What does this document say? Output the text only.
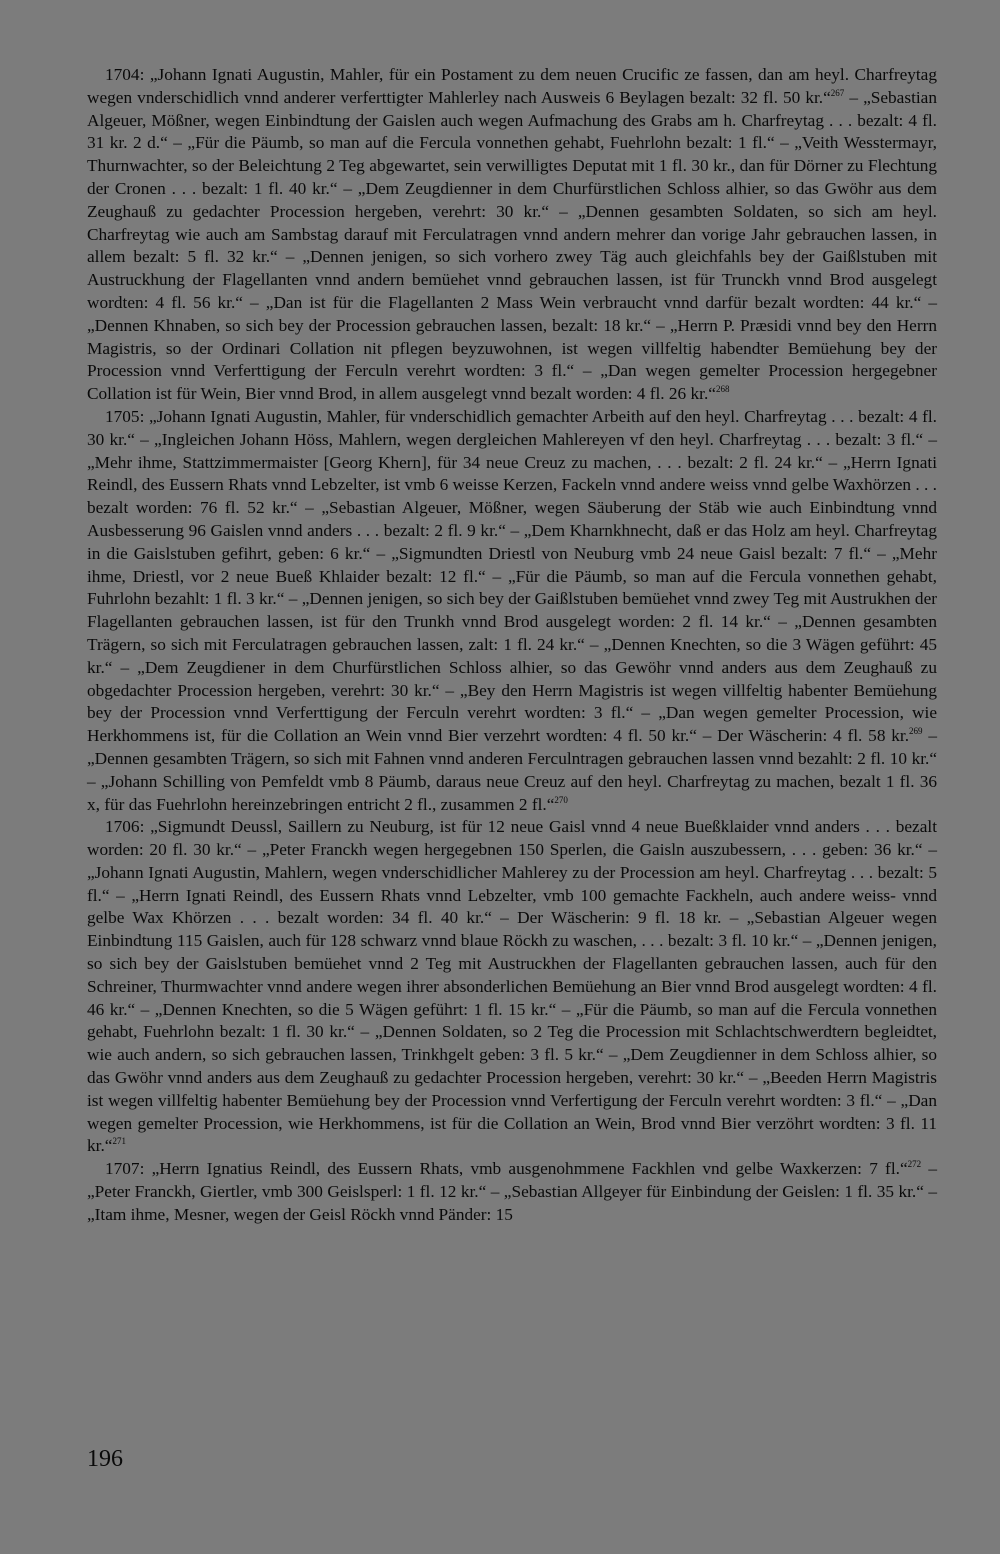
1704: „Johann Ignati Augustin, Mahler, für ein Postament zu dem neuen Crucific ze fassen, dan am heyl. Charfreytag wegen vnderschidlich vnnd anderer verferttigter Mahlerley nach Ausweis 6 Beylagen bezalt: 32 fl. 50 kr.“$^{267}$ – „Sebastian Algeuer, Mößner, wegen Einbindtung der Gaislen auch wegen Aufmachung des Grabs am h. Charfreytag . . . bezalt: 4 fl. 31 kr. 2 d.“ – „Für die Päumb, so man auf die Fercula vonnethen gehabt, Fuehrlohn bezalt: 1 fl.“ – „Veith Wesstermayr, Thurnwachter, so der Beleichtung 2 Teg abgewartet, sein verwilligtes Deputat mit 1 fl. 30 kr., dan für Dörner zu Flechtung der Cronen . . . bezalt: 1 fl. 40 kr.“ – „Dem Zeugdienner in dem Churfürstlichen Schloss alhier, so das Gwöhr aus dem Zeughauß zu gedachter Procession hergeben, verehrt: 30 kr.“ – „Dennen gesambten Soldaten, so sich am heyl. Charfreytag wie auch am Sambstag darauf mit Ferculatragen vnnd andern mehrer dan vorige Jahr gebrauchen lassen, in allem bezalt: 5 fl. 32 kr.“ – „Dennen jenigen, so sich vorhero zwey Täg auch gleichfahls bey der Gaißlstuben mit Austruckhung der Flagellanten vnnd andern bemüehet vnnd gebrauchen lassen, ist für Trunckh vnnd Brod ausgelegt wordten: 4 fl. 56 kr.“ – „Dan ist für die Flagellanten 2 Mass Wein verbraucht vnnd darfür bezalt wordten: 44 kr.“ – „Dennen Khnaben, so sich bey der Procession gebrauchen lassen, bezalt: 18 kr.“ – „Herrn P. Præsidi vnnd bey den Herrn Magistris, so der Ordinari Collation nit pflegen beyzuwohnen, ist wegen villfeltig habendter Bemüehung bey der Procession vnnd Verferttigung der Ferculn verehrt wordten: 3 fl.“ – „Dan wegen gemelter Procession hergegebner Collation ist für Wein, Bier vnnd Brod, in allem ausgelegt vnnd bezalt worden: 4 fl. 26 kr.“$^{268}$

1705: „Johann Ignati Augustin, Mahler, für vnderschidlich gemachter Arbeith auf den heyl. Charfreytag . . . bezalt: 4 fl. 30 kr.“ – „Ingleichen Johann Höss, Mahlern, wegen dergleichen Mahlereyen vf den heyl. Charfreytag . . . bezalt: 3 fl.“ – „Mehr ihme, Stattzimmermaister [Georg Khern], für 34 neue Creuz zu machen, . . . bezalt: 2 fl. 24 kr.“ – „Herrn Ignati Reindl, des Eussern Rhats vnnd Lebzelter, ist vmb 6 weisse Kerzen, Fackeln vnnd andere weiss vnnd gelbe Waxhörzen . . . bezalt worden: 76 fl. 52 kr.“ – „Sebastian Algeuer, Mößner, wegen Säuberung der Stäb wie auch Einbindtung vnnd Ausbesserung 96 Gaislen vnnd anders . . . bezalt: 2 fl. 9 kr.“ – „Dem Kharnkhnecht, daß er das Holz am heyl. Charfreytag in die Gaislstuben gefihrt, geben: 6 kr.“ – „Sigmundten Driestl von Neuburg vmb 24 neue Gaisl bezalt: 7 fl.“ – „Mehr ihme, Driestl, vor 2 neue Bueß Khlaider bezalt: 12 fl.“ – „Für die Päumb, so man auf die Fercula vonnethen gehabt, Fuhrlohn bezahlt: 1 fl. 3 kr.“ – „Dennen jenigen, so sich bey der Gaißlstuben bemüehet vnnd zwey Teg mit Austrukhen der Flagellanten gebrauchen lassen, ist für den Trunkh vnnd Brod ausgelegt worden: 2 fl. 14 kr.“ – „Dennen gesambten Trägern, so sich mit Ferculatragen gebrauchen lassen, zalt: 1 fl. 24 kr.“ – „Dennen Knechten, so die 3 Wägen geführt: 45 kr.“ – „Dem Zeugdiener in dem Churfürstlichen Schloss alhier, so das Gewöhr vnnd anders aus dem Zeughauß zu obgedachter Procession hergeben, verehrt: 30 kr.“ – „Bey den Herrn Magistris ist wegen villfeltig habenter Bemüehung bey der Procession vnnd Verferttigung der Ferculn verehrt wordten: 3 fl.“ – „Dan wegen gemelter Procession, wie Herkhommens ist, für die Collation an Wein vnnd Bier verzehrt wordten: 4 fl. 50 kr.“ – Der Wäscherin: 4 fl. 58 kr.$^{269}$ – „Dennen gesambten Trägern, so sich mit Fahnen vnnd anderen Ferculntragen gebrauchen lassen vnnd bezahlt: 2 fl. 10 kr.“ – „Johann Schilling von Pemfeldt vmb 8 Päumb, daraus neue Creuz auf den heyl. Charfreytag zu machen, bezalt 1 fl. 36 x, für das Fuehrlohn hereinzebringen entricht 2 fl., zusammen 2 fl.“$^{270}$

1706: „Sigmundt Deussl, Saillern zu Neuburg, ist für 12 neue Gaisl vnnd 4 neue Bueßklaider vnnd anders . . . bezalt worden: 20 fl. 30 kr.“ – „Peter Franckh wegen hergegebnen 150 Sperlen, die Gaisln auszubessern, . . . geben: 36 kr.“ – „Johann Ignati Augustin, Mahlern, wegen vnderschidlicher Mahlerey zu der Procession am heyl. Charfreytag . . . bezalt: 5 fl.“ – „Herrn Ignati Reindl, des Eussern Rhats vnnd Lebzelter, vmb 100 gemachte Fackheln, auch andere weiss- vnnd gelbe Wax Khörzen . . . bezalt worden: 34 fl. 40 kr.“ – Der Wäscherin: 9 fl. 18 kr. – „Sebastian Algeuer wegen Einbindtung 115 Gaislen, auch für 128 schwarz vnnd blaue Röckh zu waschen, . . . bezalt: 3 fl. 10 kr.“ – „Dennen jenigen, so sich bey der Gaislstuben bemüehet vnnd 2 Teg mit Austruckhen der Flagellanten gebrauchen lassen, auch für den Schreiner, Thurmwachter vnnd andere wegen ihrer absonderlichen Bemüehung an Bier vnnd Brod ausgelegt wordten: 4 fl. 46 kr.“ – „Dennen Knechten, so die 5 Wägen geführt: 1 fl. 15 kr.“ – „Für die Päumb, so man auf die Fercula vonnethen gehabt, Fuehrlohn bezalt: 1 fl. 30 kr.“ – „Dennen Soldaten, so 2 Teg die Procession mit Schlachtschwerdtern begleidtet, wie auch andern, so sich gebrauchen lassen, Trinkhgelt geben: 3 fl. 5 kr.“ – „Dem Zeugdienner in dem Schloss alhier, so das Gwöhr vnnd anders aus dem Zeughauß zu gedachter Procession hergeben, verehrt: 30 kr.“ – „Beeden Herrn Magistris ist wegen villfeltig habenter Bemüehung bey der Procession vnnd Verfertigung der Ferculn verehrt wordten: 3 fl.“ – „Dan wegen gemelter Procession, wie Herkhommens, ist für die Collation an Wein, Brod vnnd Bier verzöhrt wordten: 3 fl. 11 kr.“$^{271}$

1707: „Herrn Ignatius Reindl, des Eussern Rhats, vmb ausgenohmmene Fackhlen vnd gelbe Waxkerzen: 7 fl.“$^{272}$ – „Peter Franckh, Giertler, vmb 300 Geislsperl: 1 fl. 12 kr.“ – „Sebastian Allgeyer für Einbindung der Geislen: 1 fl. 35 kr.“ – „Itam ihme, Mesner, wegen der Geisl Röckh vnnd Pänder: 15

196
